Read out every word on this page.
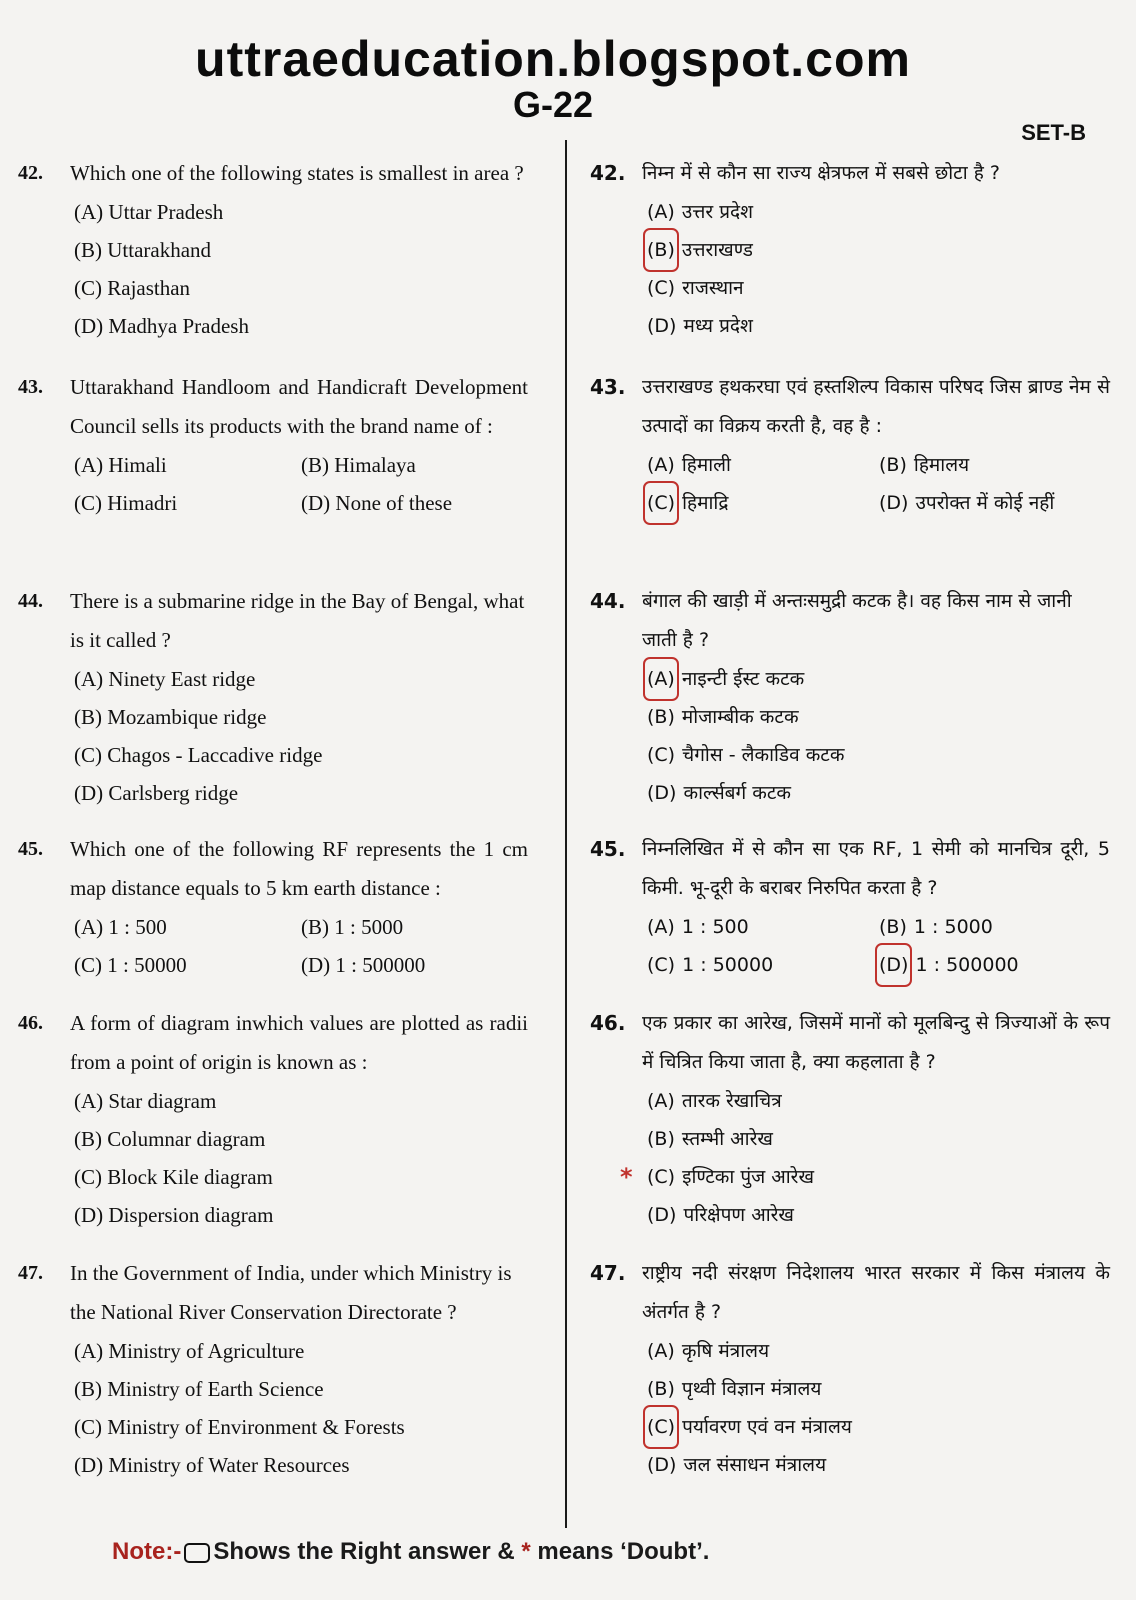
uttraeducation.blogspot.com
G-22
SET-B
42. Which one of the following states is smallest in area ?
(A) Uttar Pradesh
(B) Uttarakhand
(C) Rajasthan
(D) Madhya Pradesh
43. Uttarakhand Handloom and Handicraft Development Council sells its products with the brand name of :
(A) Himali	(B) Himalaya
(C) Himadri	(D) None of these
44. There is a submarine ridge in the Bay of Bengal, what is it called ?
(A) Ninety East ridge
(B) Mozambique ridge
(C) Chagos - Laccadive ridge
(D) Carlsberg ridge
45. Which one of the following RF represents the 1 cm map distance equals to 5 km earth distance :
(A) 1 : 500	(B) 1 : 5000
(C) 1 : 50000	(D) 1 : 500000
46. A form of diagram inwhich values are plotted as radii from a point of origin is known as :
(A) Star diagram
(B) Columnar diagram
(C) Block Kile diagram
(D) Dispersion diagram
47. In the Government of India, under which Ministry is the National River Conservation Directorate ?
(A) Ministry of Agriculture
(B) Ministry of Earth Science
(C) Ministry of Environment & Forests
(D) Ministry of Water Resources
42. निम्न में से कौन सा राज्य क्षेत्रफल में सबसे छोटा है ?
(A) उत्तर प्रदेश
(B) उत्तराखण्ड
(C) राजस्थान
(D) मध्य प्रदेश
43. उत्तराखण्ड हथकरघा एवं हस्तशिल्प विकास परिषद जिस ब्राण्ड नेम से उत्पादों का विक्रय करती है, वह है :
(A) हिमाली	(B) हिमालय
(C) हिमाद्रि	(D) उपरोक्त में कोई नहीं
44. बंगाल की खाड़ी में अन्तःसमुद्री कटक है। वह किस नाम से जानी जाती है ?
(A) नाइन्टी ईस्ट कटक
(B) मोजाम्बीक कटक
(C) चैगोस - लैकाडिव कटक
(D) कार्ल्सबर्ग कटक
45. निम्नलिखित में से कौन सा एक RF, 1 सेमी को मानचित्र दूरी, 5 किमी. भू-दूरी के बराबर निरुपित करता है ?
(A) 1 : 500	(B) 1 : 5000
(C) 1 : 50000	(D) 1 : 500000
46. एक प्रकार का आरेख, जिसमें मानों को मूलबिन्दु से त्रिज्याओं के रूप में चित्रित किया जाता है, क्या कहलाता है ?
(A) तारक रेखाचित्र
(B) स्तम्भी आरेख
* (C) इण्टिका पुंज आरेख
(D) परिक्षेपण आरेख
47. राष्ट्रीय नदी संरक्षण निदेशालय भारत सरकार में किस मंत्रालय के अंतर्गत है ?
(A) कृषि मंत्रालय
(B) पृथ्वी विज्ञान मंत्रालय
(C) पर्यावरण एवं वन मंत्रालय
(D) जल संसाधन मंत्रालय
Note:- Shows the Right answer & * means ‘Doubt’.
